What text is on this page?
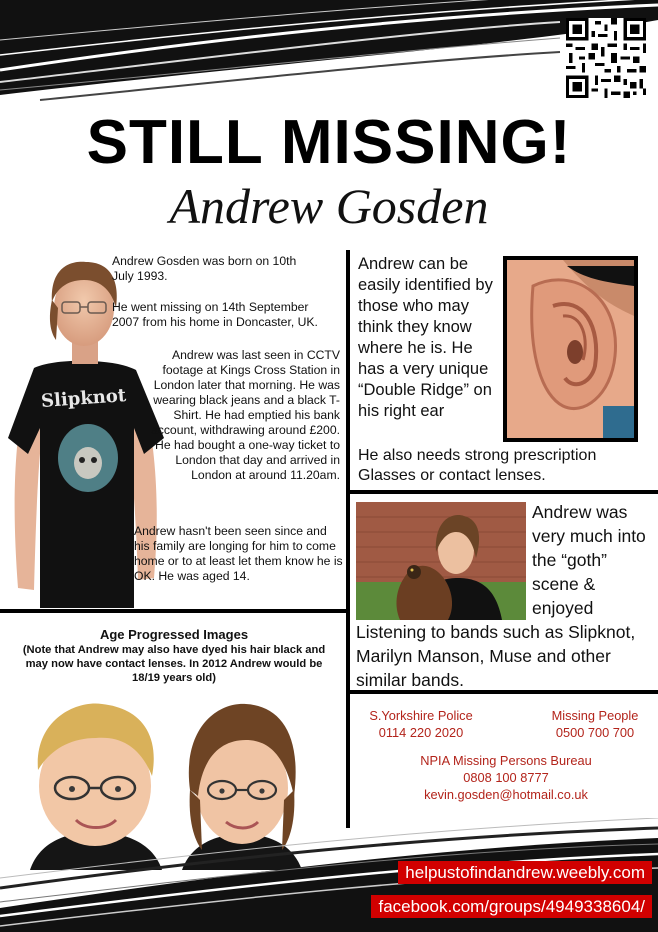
STILL MISSING!
Andrew Gosden
Slipknot

Andrew Gosden was born on 10th July 1993.

He went missing on 14th September 2007 from his home in Doncaster, UK.

Andrew was last seen in CCTV footage at Kings Cross Station in London later that morning. He was wearing black jeans and a black T-Shirt. He had emptied his bank account, withdrawing around £200. He had bought a one-way ticket to London that day and arrived in London at around 11.20am.
Andrew hasn't been seen since and his family are longing for him to come home or to at least let them know he is OK. He was aged 14.
Age Progressed Images
(Note that Andrew may also have dyed his hair black and may now have contact lenses. In 2012 Andrew would be 18/19 years old)
Andrew can be easily identified by those who may think they know where he is. He has a very unique “Double Ridge” on his right ear
He also needs strong prescription Glasses or contact lenses.
Andrew was very much into the “goth” scene & enjoyed
Listening to bands such as Slipknot, Marilyn Manson, Muse and other similar bands.
S.Yorkshire Police
0114 220 2020
Missing People
0500 700 700
NPIA Missing Persons Bureau
0808 100 8777
kevin.gosden@hotmail.co.uk
helpustofindandrew.weebly.com
facebook.com/groups/4949338604/
